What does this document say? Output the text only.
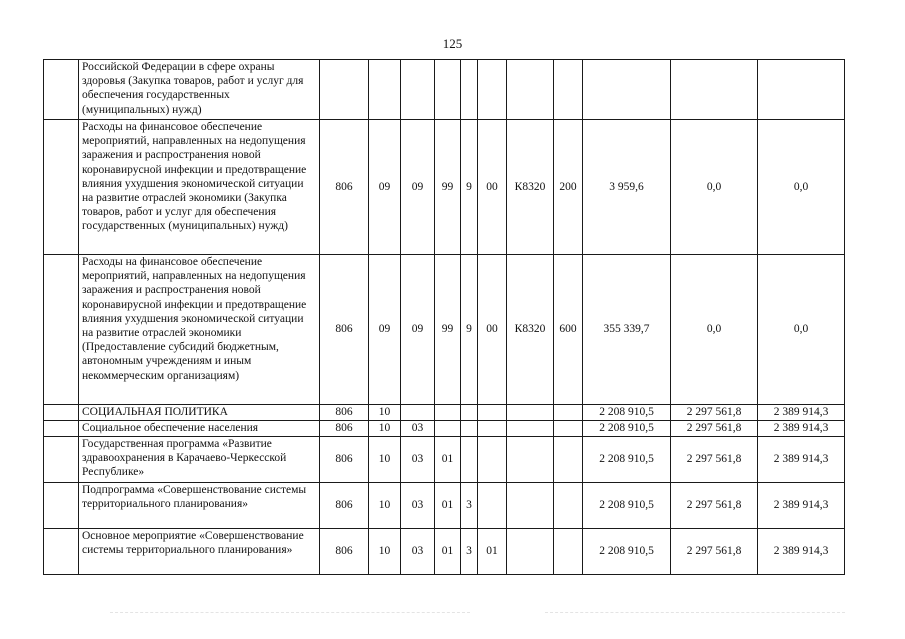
125
	Российской Федерации в сфере охраны здоровья (Закупка товаров, работ и услуг для обеспечения государственных (муниципальных) нужд)											
	Расходы на финансовое обеспечение мероприятий, направленных на недопущения заражения и распространения новой коронавирусной инфекции и предотвращение влияния ухудшения экономической ситуации на развитие отраслей экономики (Закупка товаров, работ и услуг для обеспечения государственных (муниципальных) нужд)	806	09	09	99	9	00	К8320	200	3 959,6	0,0	0,0
	Расходы на финансовое обеспечение мероприятий, направленных на недопущения заражения и распространения новой коронавирусной инфекции и предотвращение влияния ухудшения экономической ситуации на развитие отраслей экономики (Предоставление субсидий бюджетным, автономным учреждениям и иным некоммерческим организациям)	806	09	09	99	9	00	К8320	600	355 339,7	0,0	0,0
	СОЦИАЛЬНАЯ ПОЛИТИКА	806	10							2 208 910,5	2 297 561,8	2 389 914,3
	Социальное обеспечение населения	806	10	03						2 208 910,5	2 297 561,8	2 389 914,3
	Государственная программа «Развитие здравоохранения в Карачаево-Черкесской Республике»	806	10	03	01					2 208 910,5	2 297 561,8	2 389 914,3
	Подпрограмма «Совершенствование системы территориального планирования»	806	10	03	01	3				2 208 910,5	2 297 561,8	2 389 914,3
	Основное мероприятие «Совершенствование системы территориального планирования»	806	10	03	01	3	01			2 208 910,5	2 297 561,8	2 389 914,3
